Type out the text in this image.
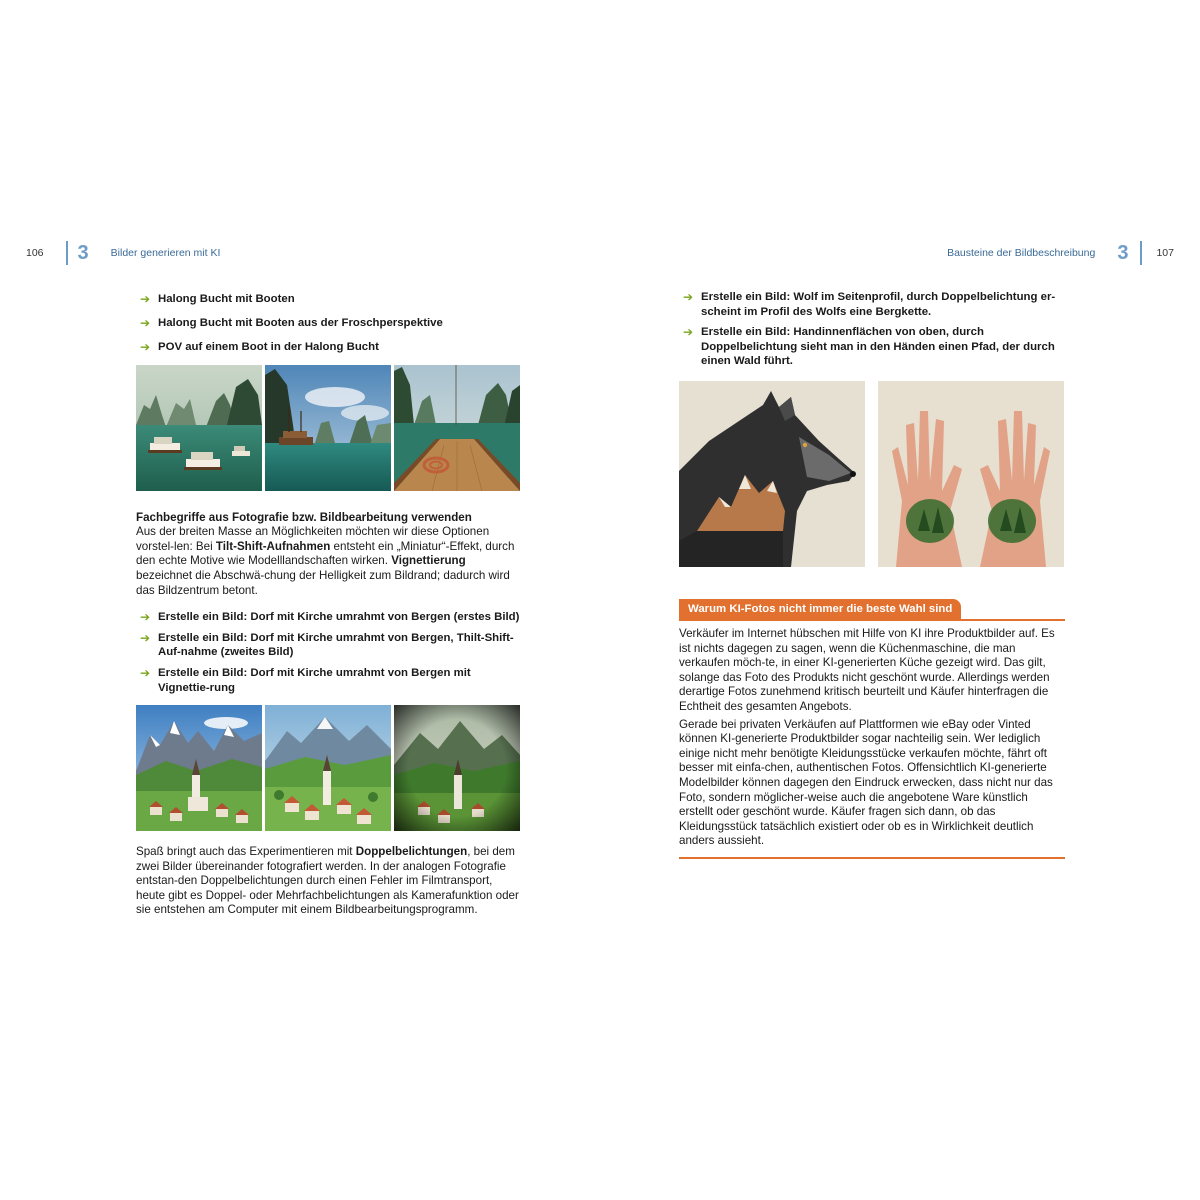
106 3 Bilder generieren mit KI	Bausteine der Bildbeschreibung 3	107
➔ Halong Bucht mit Booten
➔ Halong Bucht mit Booten aus der Froschperspektive
➔ POV auf einem Boot in der Halong Bucht
Fachbegriffe aus Fotografie bzw. Bildbearbeitung verwenden

Aus der breiten Masse an Möglichkeiten möchten wir diese Optionen vorstel-len: Bei Tilt-Shift-Aufnahmen entsteht ein „Miniatur“-Effekt, durch den echte Motive wie Modelllandschaften wirken. Vignettierung bezeichnet die Abschwä-chung der Helligkeit zum Bildrand; dadurch wird das Bildzentrum betont.

➔ Erstelle ein Bild: Dorf mit Kirche umrahmt von Bergen (erstes Bild)
➔ Erstelle ein Bild: Dorf mit Kirche umrahmt von Bergen, Thilt-Shift-Auf-nahme (zweites Bild)
➔ Erstelle ein Bild: Dorf mit Kirche umrahmt von Bergen mit Vignettie-rung

Spaß bringt auch das Experimentieren mit Doppelbelichtungen, bei dem zwei Bilder übereinander fotografiert werden. In der analogen Fotografie entstan-den Doppelbelichtungen durch einen Fehler im Filmtransport, heute gibt es Doppel- oder Mehrfachbelichtungen als Kamerafunktion oder sie entstehen am Computer mit einem Bildbearbeitungsprogramm.

➔ Erstelle ein Bild: Wolf im Seitenprofil, durch Doppelbelichtung er-scheint im Profil des Wolfs eine Bergkette.
➔ Erstelle ein Bild: Handinnenflächen von oben, durch Doppelbelichtung sieht man in den Händen einen Pfad, der durch einen Wald führt.
Warum KI-Fotos nicht immer die beste Wahl sind

Verkäufer im Internet hübschen mit Hilfe von KI ihre Produktbilder auf. Es ist nichts dagegen zu sagen, wenn die Küchenmaschine, die man verkaufen möch-te, in einer KI-generierten Küche gezeigt wird. Das gilt, solange das Foto des Produkts nicht geschönt wurde. Allerdings werden derartige Fotos zunehmend kritisch beurteilt und Käufer hinterfragen die Echtheit des gesamten Angebots.

Gerade bei privaten Verkäufen auf Plattformen wie eBay oder Vinted können KI-generierte Produktbilder sogar nachteilig sein. Wer lediglich einige nicht mehr benötigte Kleidungsstücke verkaufen möchte, fährt oft besser mit einfa-chen, authentischen Fotos. Offensichtlich KI-generierte Modelbilder können dagegen den Eindruck erwecken, dass nicht nur das Foto, sondern möglicher-weise auch die angebotene Ware künstlich erstellt oder geschönt wurde. Käufer fragen sich dann, ob das Kleidungsstück tatsächlich existiert oder ob es in Wirklichkeit deutlich anders aussieht.
